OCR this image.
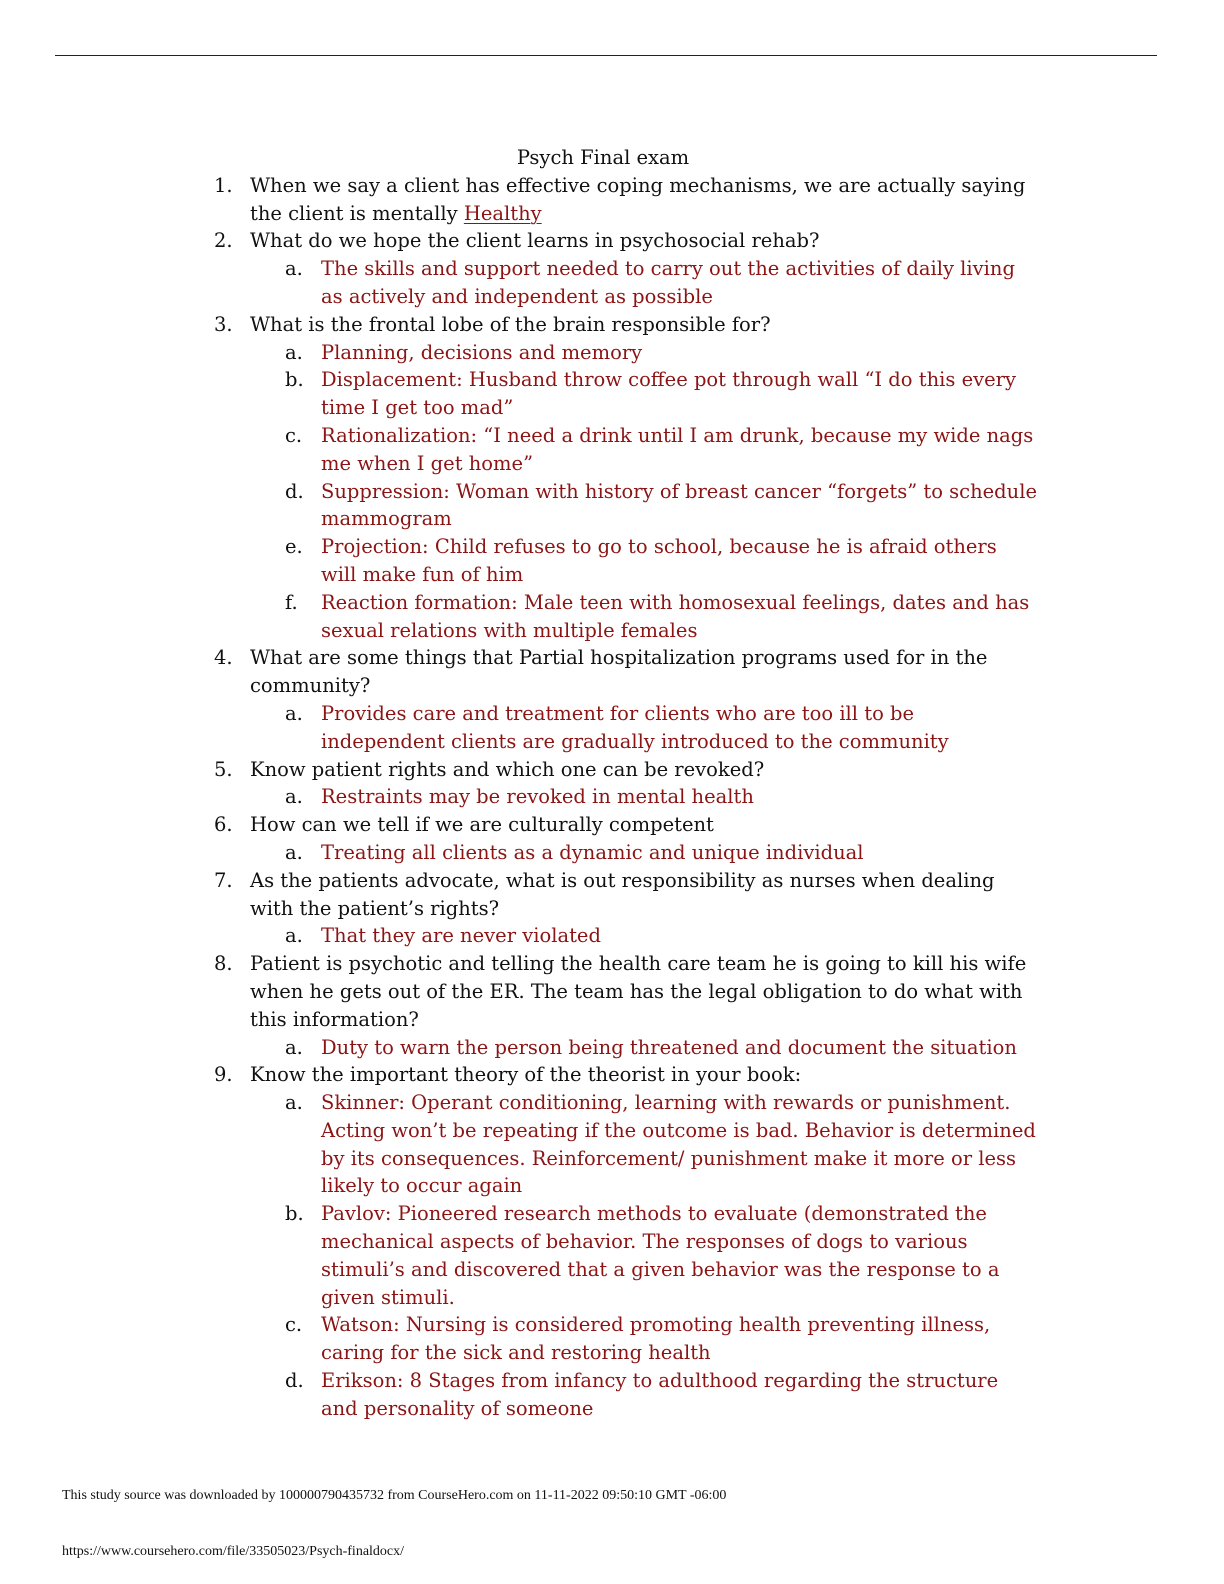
Psych Final exam
1. When we say a client has effective coping mechanisms, we are actually saying the client is mentally Healthy
2. What do we hope the client learns in psychosocial rehab?
a. The skills and support needed to carry out the activities of daily living as actively and independent as possible
3. What is the frontal lobe of the brain responsible for?
a. Planning, decisions and memory
b. Displacement: Husband throw coffee pot through wall “I do this every time I get too mad”
c. Rationalization: “I need a drink until I am drunk, because my wide nags me when I get home”
d. Suppression: Woman with history of breast cancer “forgets” to schedule mammogram
e. Projection: Child refuses to go to school, because he is afraid others will make fun of him
f. Reaction formation: Male teen with homosexual feelings, dates and has sexual relations with multiple females
4. What are some things that Partial hospitalization programs used for in the community?
a. Provides care and treatment for clients who are too ill to be independent clients are gradually introduced to the community
5. Know patient rights and which one can be revoked?
a. Restraints may be revoked in mental health
6. How can we tell if we are culturally competent
a. Treating all clients as a dynamic and unique individual
7. As the patients advocate, what is out responsibility as nurses when dealing with the patient’s rights?
a. That they are never violated
8. Patient is psychotic and telling the health care team he is going to kill his wife when he gets out of the ER. The team has the legal obligation to do what with this information?
a. Duty to warn the person being threatened and document the situation
9. Know the important theory of the theorist in your book:
a. Skinner: Operant conditioning, learning with rewards or punishment. Acting won’t be repeating if the outcome is bad. Behavior is determined by its consequences. Reinforcement/ punishment make it more or less likely to occur again
b. Pavlov: Pioneered research methods to evaluate (demonstrated the mechanical aspects of behavior. The responses of dogs to various stimuli’s and discovered that a given behavior was the response to a given stimuli.
c. Watson: Nursing is considered promoting health preventing illness, caring for the sick and restoring health
d. Erikson: 8 Stages from infancy to adulthood regarding the structure and personality of someone
This study source was downloaded by 100000790435732 from CourseHero.com on 11-11-2022 09:50:10 GMT -06:00
https://www.coursehero.com/file/33505023/Psych-finaldocx/
